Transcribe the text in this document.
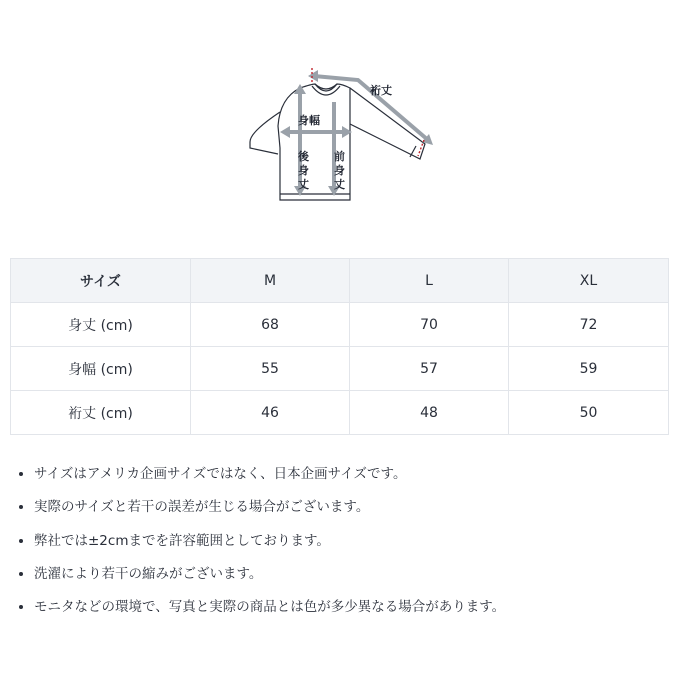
裄丈
身幅
後
身
丈
前
身
丈
サイズ	M	L	XL
身丈 (cm)	68	70	72
身幅 (cm)	55	57	59
裄丈 (cm)	46	48	50
• サイズはアメリカ企画サイズではなく、日本企画サイズです。
• 実際のサイズと若干の誤差が生じる場合がございます。
• 弊社では±2cmまでを許容範囲としております。
• 洗濯により若干の縮みがございます。
• モニタなどの環境で、写真と実際の商品とは色が多少異なる場合があります。
